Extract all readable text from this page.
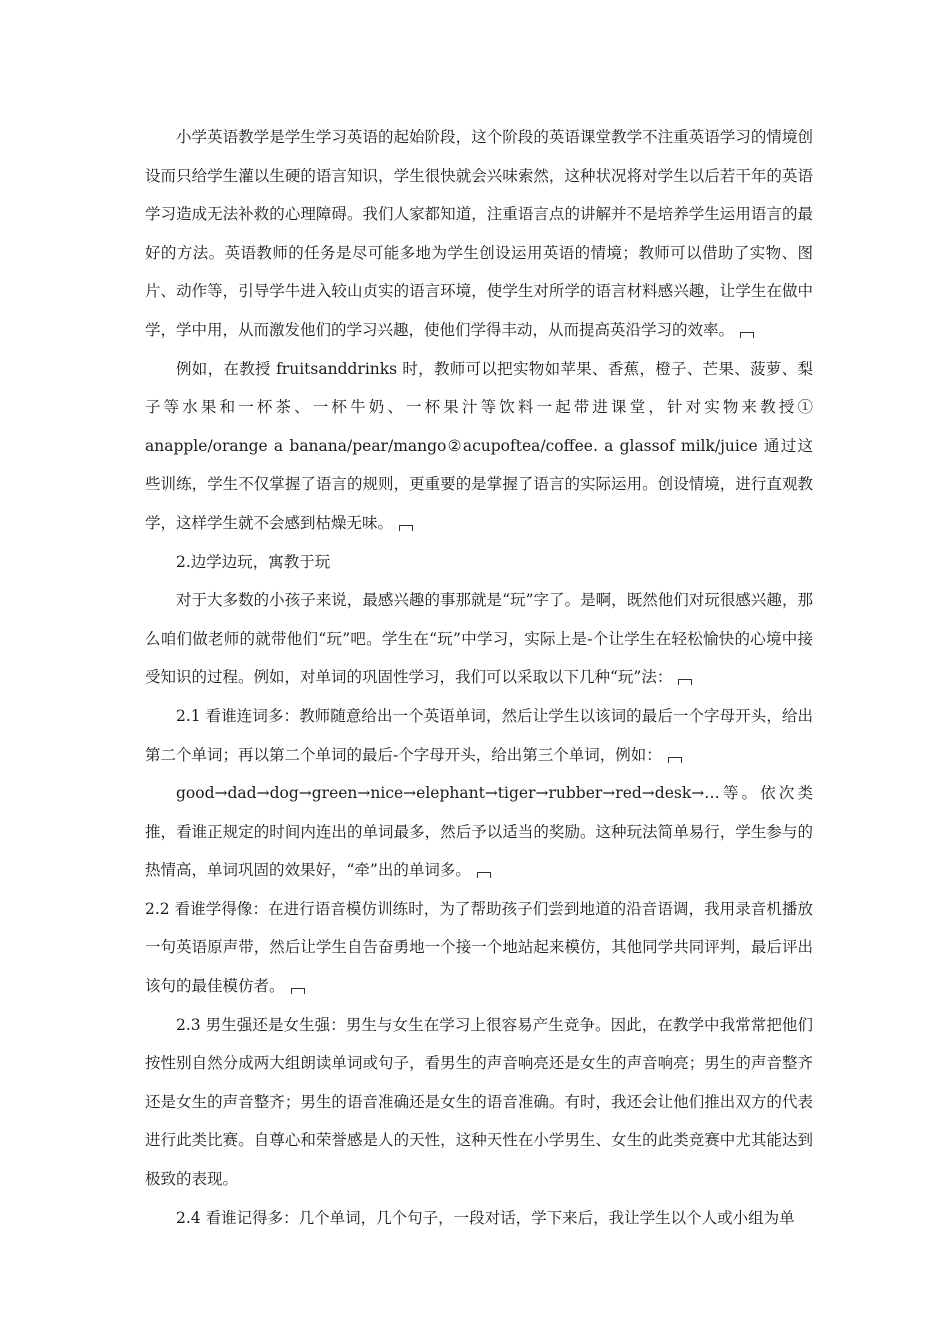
小学英语教学是学生学习英语的起始阶段，这个阶段的英语课堂教学不注重英语学习的情境创设而只给学生灌以生硬的语言知识，学生很快就会兴味索然，这种状况将对学生以后若干年的英语学习造成无法补救的心理障碍。我们人家都知道，注重语言点的讲解并不是培养学生运用语言的最好的方法。英语教师的任务是尽可能多地为学生创设运用英语的情境；教师可以借助了实物、图片、动作等，引导学牛进入较山贞实的语言环境，使学生对所学的语言材料感兴趣，让学生在做中学，学中用，从而激发他们的学习兴趣，使他们学得丰动，从而提高英沿学习的效率。

例如，在教授 fruitsanddrinks 时，教师可以把实物如苹果、香蕉，橙子、芒果、菠萝、梨子等水果和一杯茶、一杯牛奶、一杯果汁等饮料一起带进课堂，针对实物来教授① anapple/orange a banana/pear/mango②acupoftea/coffee. a glassof milk/juice 通过这些训练，学生不仅掌握了语言的规则，更重要的是掌握了语言的实际运用。创设情境，进行直观教学，这样学生就不会感到枯燥无味。

2.边学边玩，寓教于玩

对于大多数的小孩子来说，最感兴趣的事那就是“玩”字了。是啊，既然他们对玩很感兴趣，那么咱们做老师的就带他们“玩”吧。学生在“玩”中学习，实际上是-个让学生在轻松愉快的心境中接受知识的过程。例如，对单词的巩固性学习，我们可以采取以下几种“玩”法：

2.1 看谁连词多：教师随意给出一个英语单词，然后让学生以该词的最后一个字母开头，给出第二个单词；再以第二个单词的最后-个字母开头，给出第三个单词，例如：

good→dad→dog→green→nice→elephant→tiger→rubber→red→desk→…等。依次类推，看谁正规定的时间内连出的单词最多，然后予以适当的奖励。这种玩法简单易行，学生参与的热情高，单词巩固的效果好，“牵”出的单词多。

2.2 看谁学得像：在进行语音模仿训练时，为了帮助孩子们尝到地道的沿音语调，我用录音机播放一句英语原声带，然后让学生自告奋勇地一个接一个地站起来模仿，其他同学共同评判，最后评出该句的最佳模仿者。

2.3 男生强还是女生强：男生与女生在学习上很容易产生竞争。因此，在教学中我常常把他们按性别自然分成两大组朗读单词或句子，看男生的声音响亮还是女生的声音响亮；男生的声音整齐还是女生的声音整齐；男生的语音准确还是女生的语音准确。有时，我还会让他们推出双方的代表进行此类比赛。自尊心和荣誉感是人的天性，这种天性在小学男生、女生的此类竞赛中尤其能达到极致的表现。

2.4 看谁记得多：几个单词，几个句子，一段对话，学下来后，我让学生以个人或小组为单
